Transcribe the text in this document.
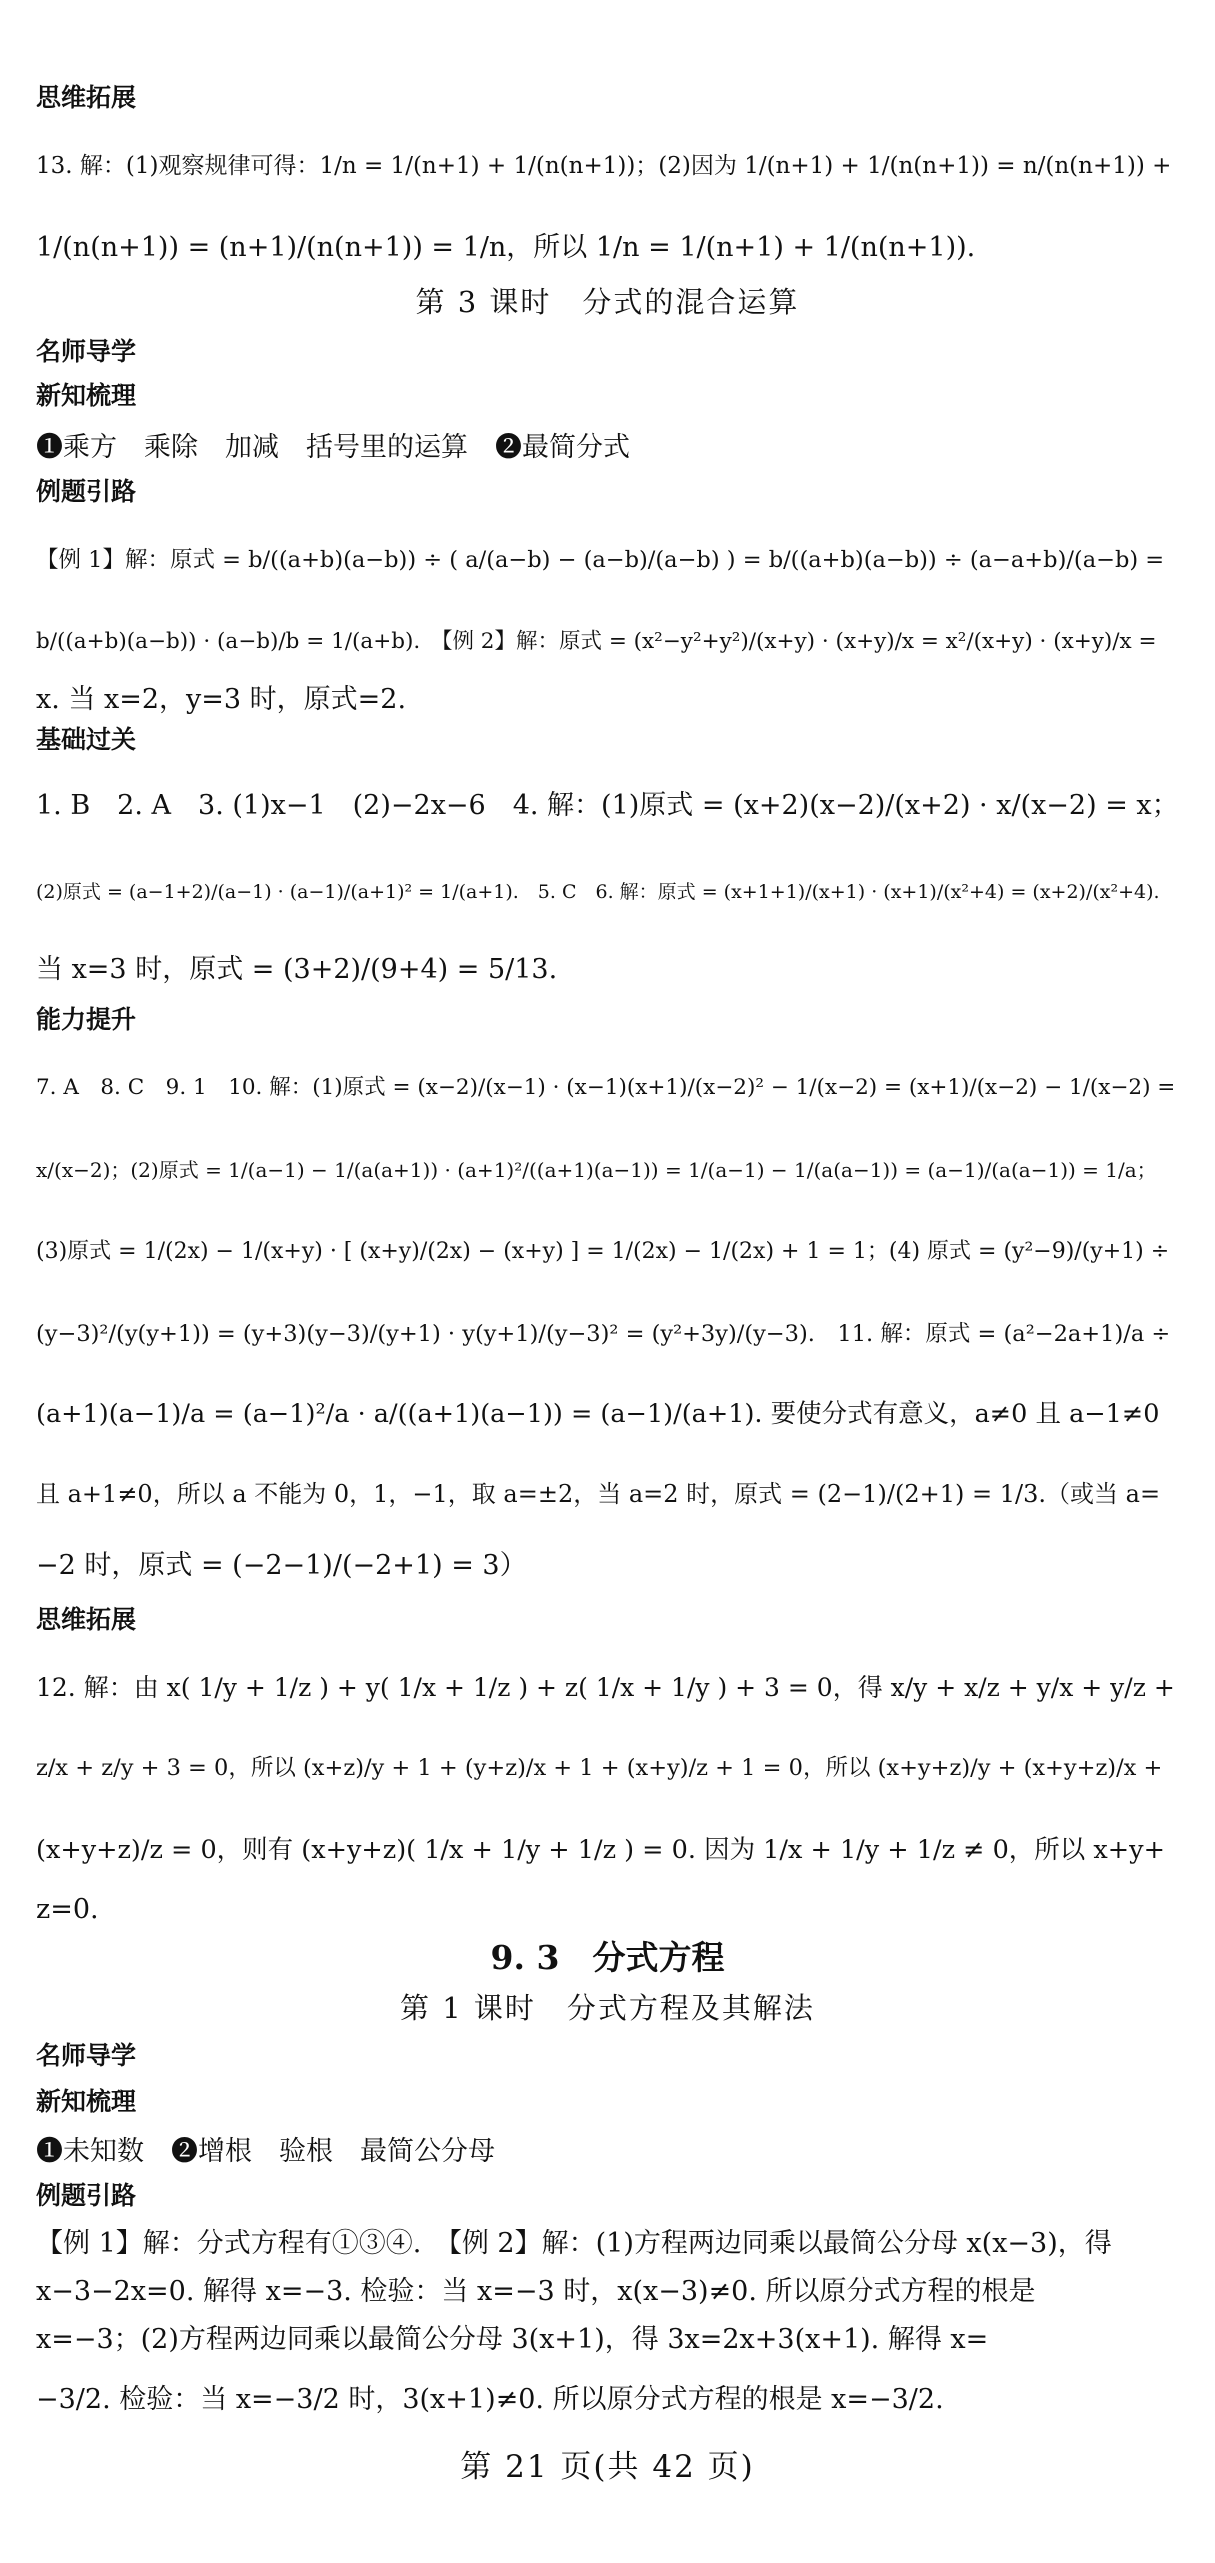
思维拓展
13. 解：(1)观察规律可得：1/n = 1/(n+1) + 1/(n(n+1))；(2)因为 1/(n+1) + 1/(n(n+1)) = n/(n(n+1)) +
1/(n(n+1)) = (n+1)/(n(n+1)) = 1/n，所以 1/n = 1/(n+1) + 1/(n(n+1)).
第 3 课时　分式的混合运算
名师导学
新知梳理
❶乘方　乘除　加减　括号里的运算　❷最简分式
例题引路
【例 1】解：原式 = b/((a+b)(a−b)) ÷ ( a/(a−b) − (a−b)/(a−b) ) = b/((a+b)(a−b)) ÷ (a−a+b)/(a−b) =
b/((a+b)(a−b)) · (a−b)/b = 1/(a+b).　【例 2】解：原式 = (x²−y²+y²)/(x+y) · (x+y)/x = x²/(x+y) · (x+y)/x =
x. 当 x=2，y=3 时，原式=2.
基础过关
1. B　2. A　3. (1)x−1　(2)−2x−6　4. 解：(1)原式 = (x+2)(x−2)/(x+2) · x/(x−2) = x；
(2)原式 = (a−1+2)/(a−1) · (a−1)/(a+1)² = 1/(a+1).　5. C　6. 解：原式 = (x+1+1)/(x+1) · (x+1)/(x²+4) = (x+2)/(x²+4).
当 x=3 时，原式 = (3+2)/(9+4) = 5/13.
能力提升
7. A　8. C　9. 1　10. 解：(1)原式 = (x−2)/(x−1) · (x−1)(x+1)/(x−2)² − 1/(x−2) = (x+1)/(x−2) − 1/(x−2) =
x/(x−2)；(2)原式 = 1/(a−1) − 1/(a(a+1)) · (a+1)²/((a+1)(a−1)) = 1/(a−1) − 1/(a(a−1)) = (a−1)/(a(a−1)) = 1/a；
(3)原式 = 1/(2x) − 1/(x+y) · [ (x+y)/(2x) − (x+y) ] = 1/(2x) − 1/(2x) + 1 = 1；(4) 原式 = (y²−9)/(y+1) ÷
(y−3)²/(y(y+1)) = (y+3)(y−3)/(y+1) · y(y+1)/(y−3)² = (y²+3y)/(y−3).　11. 解：原式 = (a²−2a+1)/a ÷
(a+1)(a−1)/a = (a−1)²/a · a/((a+1)(a−1)) = (a−1)/(a+1). 要使分式有意义，a≠0 且 a−1≠0
且 a+1≠0，所以 a 不能为 0，1，−1，取 a=±2，当 a=2 时，原式 = (2−1)/(2+1) = 1/3.（或当 a=
−2 时，原式 = (−2−1)/(−2+1) = 3）
思维拓展
12. 解：由 x( 1/y + 1/z ) + y( 1/x + 1/z ) + z( 1/x + 1/y ) + 3 = 0，得 x/y + x/z + y/x + y/z +
z/x + z/y + 3 = 0，所以 (x+z)/y + 1 + (y+z)/x + 1 + (x+y)/z + 1 = 0，所以 (x+y+z)/y + (x+y+z)/x +
(x+y+z)/z = 0，则有 (x+y+z)( 1/x + 1/y + 1/z ) = 0. 因为 1/x + 1/y + 1/z ≠ 0，所以 x+y+
z=0.
9. 3　分式方程
第 1 课时　分式方程及其解法
名师导学
新知梳理
❶未知数　❷增根　验根　最简公分母
例题引路
【例 1】解：分式方程有①③④.　【例 2】解：(1)方程两边同乘以最简公分母 x(x−3)，得
x−3−2x=0. 解得 x=−3. 检验：当 x=−3 时，x(x−3)≠0. 所以原分式方程的根是
x=−3；(2)方程两边同乘以最简公分母 3(x+1)，得 3x=2x+3(x+1). 解得 x=
−3/2. 检验：当 x=−3/2 时，3(x+1)≠0. 所以原分式方程的根是 x=−3/2.
第 21 页(共 42 页)
